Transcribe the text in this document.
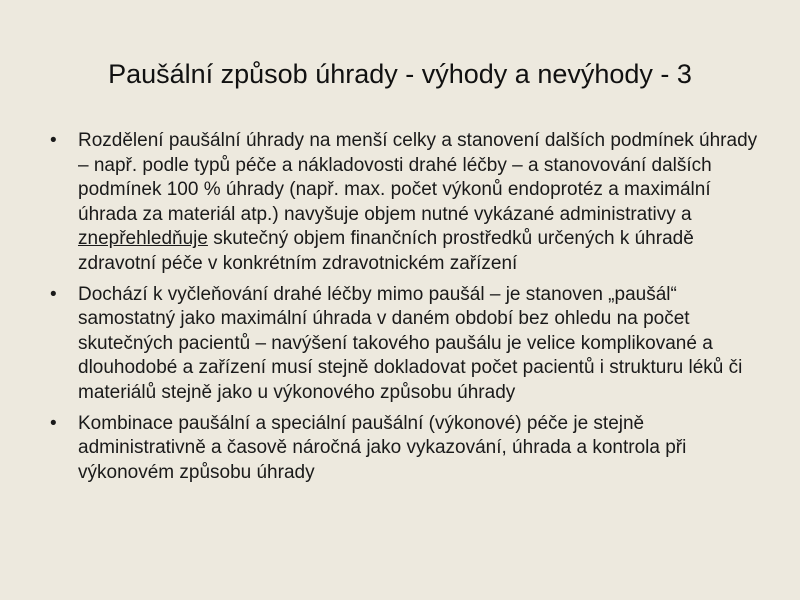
Paušální způsob úhrady - výhody a nevýhody - 3
•	Rozdělení paušální úhrady na menší celky a stanovení dalších podmínek úhrady – např. podle typů péče a nákladovosti drahé léčby – a stanovování dalších podmínek 100 % úhrady (např. max. počet výkonů endoprotéz a maximální úhrada za materiál atp.) navyšuje objem nutné vykázané administrativy a znepřehledňuje skutečný objem finančních prostředků určených k úhradě zdravotní péče v konkrétním zdravotnickém zařízení
•	Dochází k vyčleňování drahé léčby mimo paušál – je stanoven „paušál“ samostatný jako maximální úhrada v daném období bez ohledu na počet skutečných pacientů – navýšení takového paušálu je velice komplikované a dlouhodobé a zařízení musí stejně dokladovat počet pacientů i strukturu léků či materiálů stejně jako u výkonového způsobu úhrady
•	Kombinace paušální a speciální paušální (výkonové) péče je stejně administrativně a časově náročná jako vykazování, úhrada a kontrola při výkonovém způsobu úhrady
